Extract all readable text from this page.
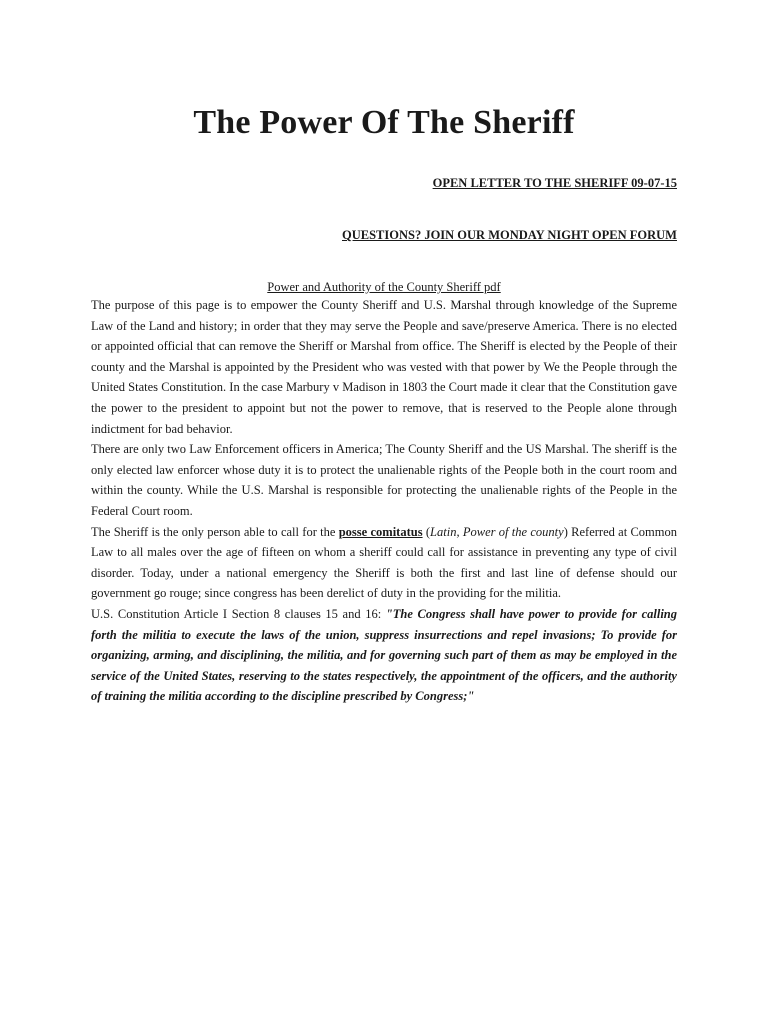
The Power Of The Sheriff
OPEN LETTER TO THE SHERIFF 09-07-15
QUESTIONS? JOIN OUR MONDAY NIGHT OPEN FORUM
Power and Authority of the County Sheriff pdf

The purpose of this page is to empower the County Sheriff and U.S. Marshal through knowledge of the Supreme Law of the Land and history; in order that they may serve the People and save/preserve America. There is no elected or appointed official that can remove the Sheriff or Marshal from office. The Sheriff is elected by the People of their county and the Marshal is appointed by the President who was vested with that power by We the People through the United States Constitution. In the case Marbury v Madison in 1803 the Court made it clear that the Constitution gave the power to the president to appoint but not the power to remove, that is reserved to the People alone through indictment for bad behavior.

There are only two Law Enforcement officers in America; The County Sheriff and the US Marshal. The sheriff is the only elected law enforcer whose duty it is to protect the unalienable rights of the People both in the court room and within the county. While the U.S. Marshal is responsible for protecting the unalienable rights of the People in the Federal Court room.

The Sheriff is the only person able to call for the posse comitatus (Latin, Power of the county) Referred at Common Law to all males over the age of fifteen on whom a sheriff could call for assistance in preventing any type of civil disorder. Today, under a national emergency the Sheriff is both the first and last line of defense should our government go rouge; since congress has been derelict of duty in the providing for the militia.

U.S. Constitution Article I Section 8 clauses 15 and 16: "The Congress shall have power to provide for calling forth the militia to execute the laws of the union, suppress insurrections and repel invasions; To provide for organizing, arming, and disciplining, the militia, and for governing such part of them as may be employed in the service of the United States, reserving to the states respectively, the appointment of the officers, and the authority of training the militia according to the discipline prescribed by Congress;"
